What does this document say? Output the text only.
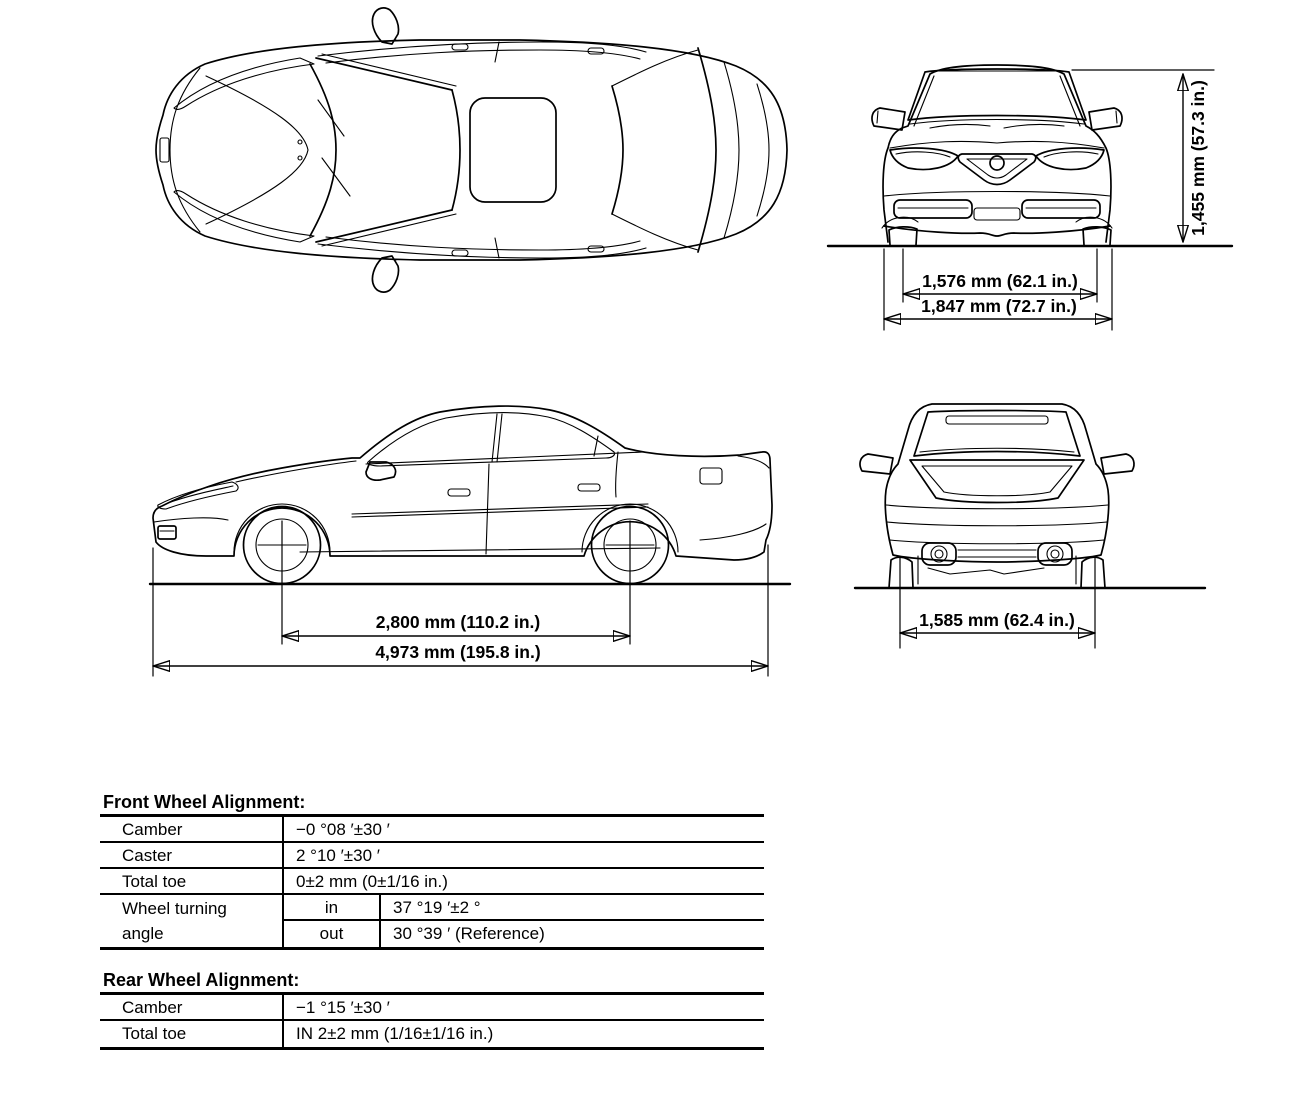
1,455 mm (57.3 in.)
1,576 mm (62.1 in.)
1,847 mm (72.7 in.)
2,800 mm (110.2 in.)
4,973 mm (195.8 in.)
1,585 mm (62.4 in.)
Front Wheel Alignment:
Camber	−0 °08 ′±30 ′
Caster	2 °10 ′±30 ′
Total toe	0±2 mm (0±1/16 in.)
Wheel turning
angle
in	37 °19 ′±2 °
out	30 °39 ′ (Reference)
Rear Wheel Alignment:
Camber	−1 °15 ′±30 ′
Total toe	IN 2±2 mm (1/16±1/16 in.)
